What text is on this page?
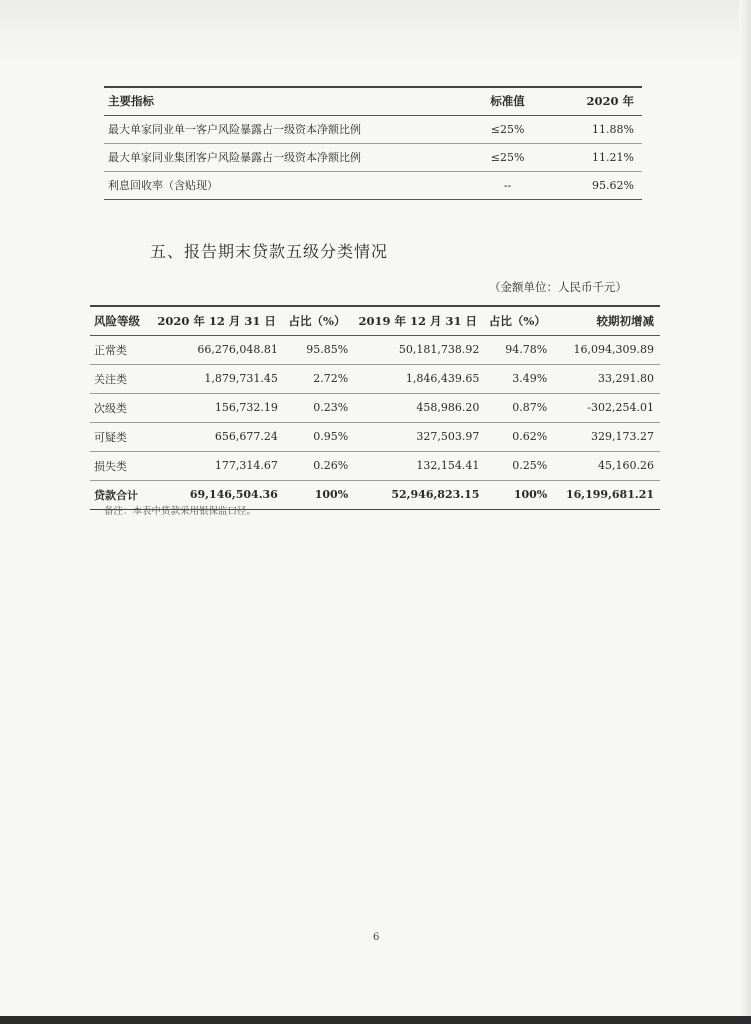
主要指标	标准值	2020 年
最大单家同业单一客户风险暴露占一级资本净额比例	≤25%	11.88%
最大单家同业集团客户风险暴露占一级资本净额比例	≤25%	11.21%
利息回收率（含贴现）	--	95.62%
五、报告期末贷款五级分类情况
（金额单位：人民币千元）
风险等级	2020 年 12 月 31 日	占比（%）	2019 年 12 月 31 日	占比（%）	较期初增减
正常类	66,276,048.81	95.85%	50,181,738.92	94.78%	16,094,309.89
关注类	1,879,731.45	2.72%	1,846,439.65	3.49%	33,291.80
次级类	156,732.19	0.23%	458,986.20	0.87%	-302,254.01
可疑类	656,677.24	0.95%	327,503.97	0.62%	329,173.27
损失类	177,314.67	0.26%	132,154.41	0.25%	45,160.26
贷款合计	69,146,504.36	100%	52,946,823.15	100%	16,199,681.21
备注：本表中贷款采用银保监口径。
6
